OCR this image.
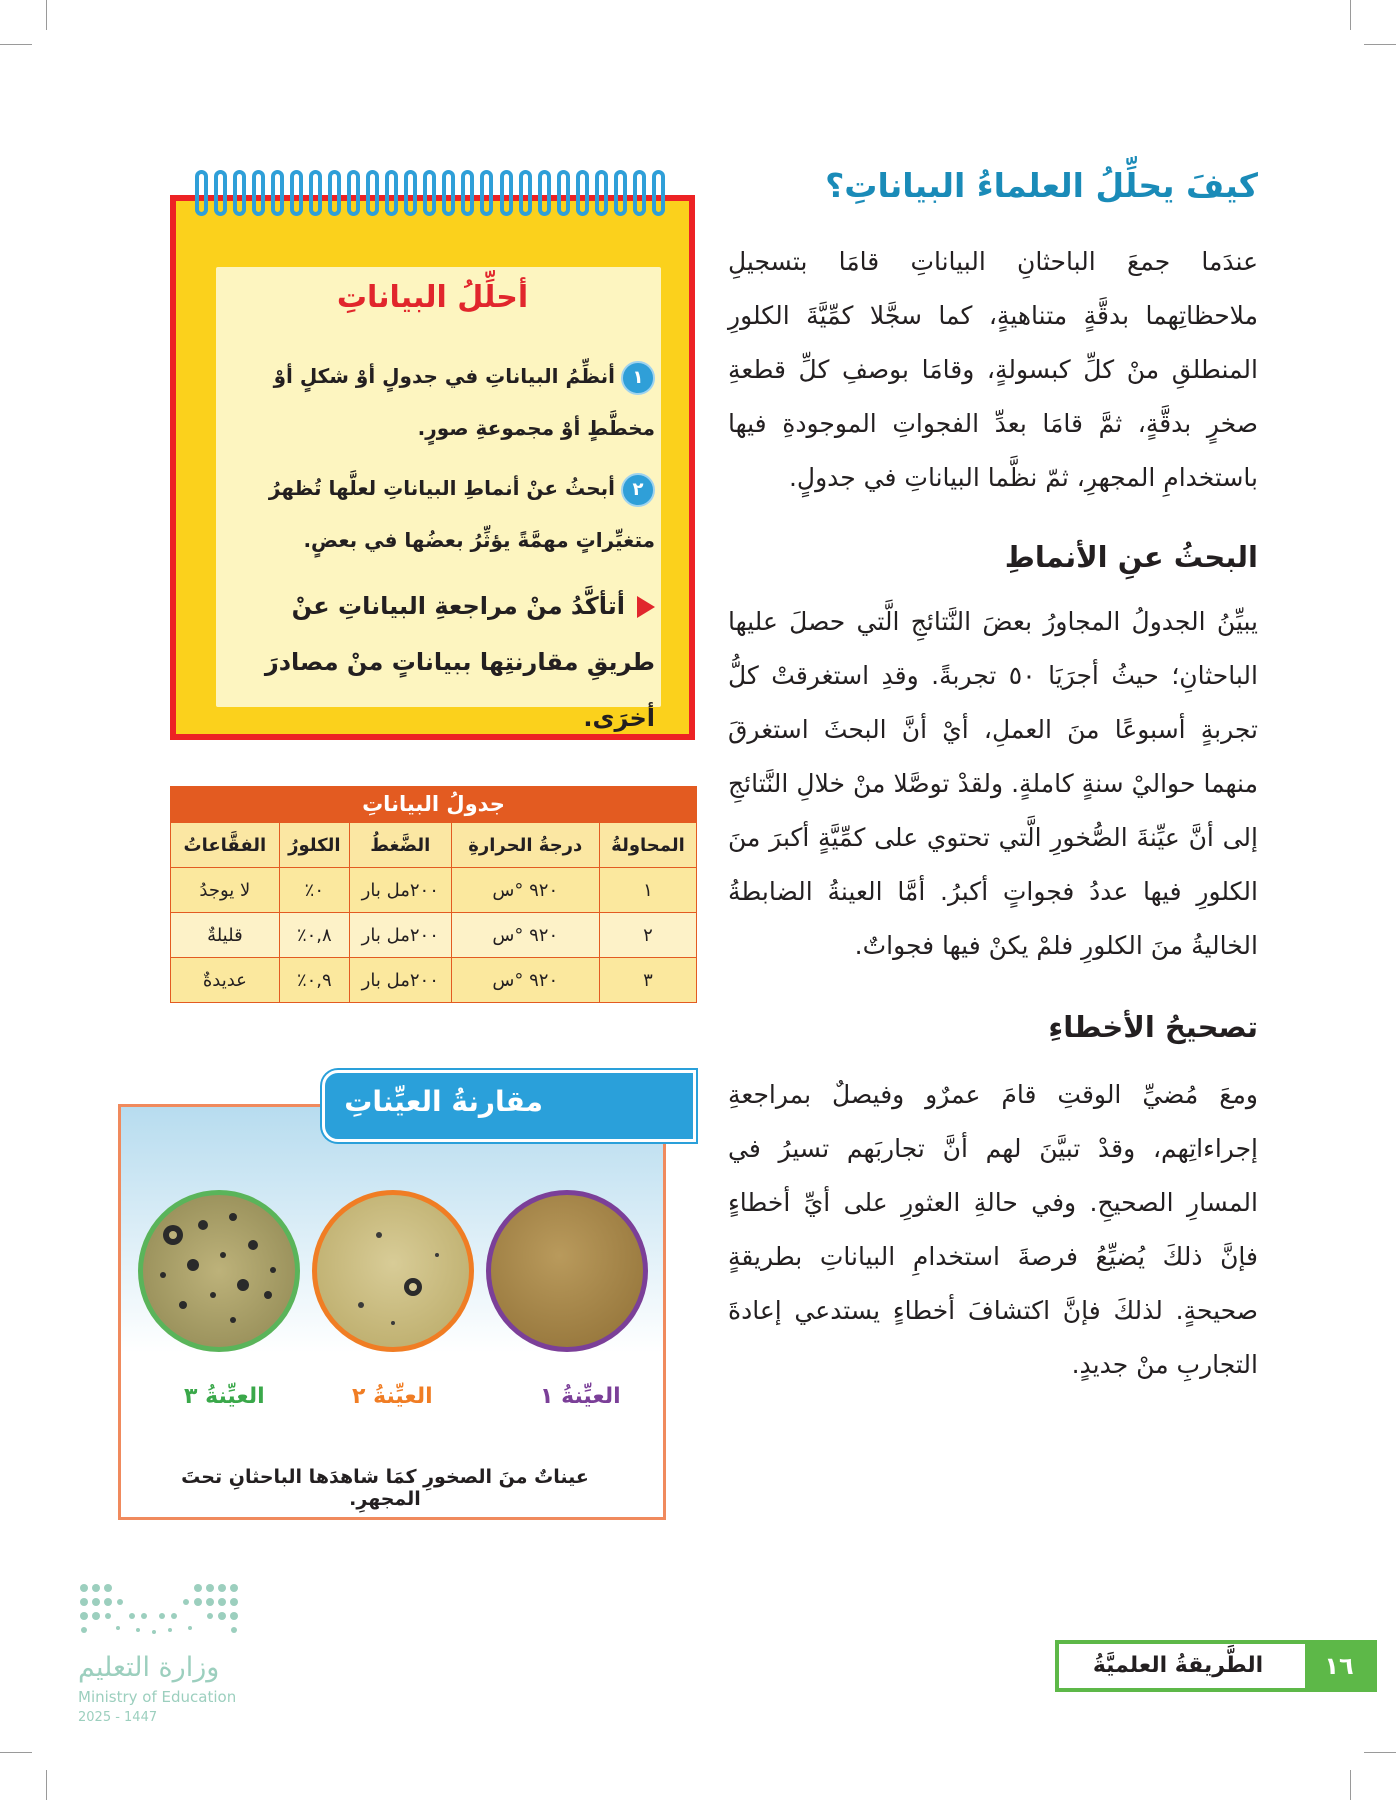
كيفَ يحلِّلُ العلماءُ البياناتِ؟
عندَما جمعَ الباحثانِ البياناتِ قامَا بتسجيلِ ملاحظاتِهما بدقَّةٍ متناهيةٍ، كما سجَّلا كمِّيَّةَ الكلورِ المنطلقِ منْ كلِّ كبسولةٍ، وقامَا بوصفِ كلِّ قطعةِ صخرٍ بدقَّةٍ، ثمَّ قامَا بعدِّ الفجواتِ الموجودةِ فيها باستخدامِ المجهرِ، ثمّ نظَّما البياناتِ في جدولٍ.
البحثُ عنِ الأنماطِ
يبيِّنُ الجدولُ المجاورُ بعضَ النَّتائجِ الَّتي حصلَ عليها الباحثانِ؛ حيثُ أجرَيَا ٥٠ تجربةً. وقدِ استغرقتْ كلُّ تجربةٍ أسبوعًا منَ العملِ، أيْ أنَّ البحثَ استغرقَ منهما حواليْ سنةٍ كاملةٍ. ولقدْ توصَّلا منْ خلالِ النَّتائجِ إلى أنَّ عيِّنةَ الصُّخورِ الَّتي تحتوي على كمِّيَّةٍ أكبرَ منَ الكلورِ فيها عددُ فجواتٍ أكبرُ. أمَّا العينةُ الضابطةُ الخاليةُ منَ الكلورِ فلمْ يكنْ فيها فجواتٌ.
تصحيحُ الأخطاءِ
ومعَ مُضيِّ الوقتِ قامَ عمرٌو وفيصلٌ بمراجعةِ إجراءاتِهم، وقدْ تبيَّنَ لهم أنَّ تجاربَهم تسيرُ في المسارِ الصحيحِ. وفي حالةِ العثورِ على أيِّ أخطاءٍ فإنَّ ذلكَ يُضيِّعُ فرصةَ استخدامِ البياناتِ بطريقةٍ صحيحةٍ. لذلكَ فإنَّ اكتشافَ أخطاءٍ يستدعي إعادةَ التجاربِ منْ جديدٍ.
أحلِّلُ البياناتِ
١أنظِّمُ البياناتِ في جدولٍ أوْ شكلٍ أوْ مخطَّطٍ أوْ مجموعةِ صورٍ.
٢أبحثُ عنْ أنماطِ البياناتِ لعلَّها تُظهرُ متغيِّراتٍ مهمَّةً يؤثِّرُ بعضُها في بعضٍ.
أتأكَّدُ منْ مراجعةِ البياناتِ عنْ طريقِ مقارنتِها ببياناتٍ منْ مصادرَ أخرَى.
جدولُ البياناتِ
المحاولةُ	درجةُ الحرارةِ	الضَّغطُ	الكلورُ	الفقَّاعاتُ
١	٩٢٠ °س	٢٠٠مل بار	٠٪	لا يوجدُ
٢	٩٢٠ °س	٢٠٠مل بار	٠,٨٪	قليلةٌ
٣	٩٢٠ °س	٢٠٠مل بار	٠,٩٪	عديدةٌ
مقارنةُ العيِّناتِ
العيِّنةُ ١
العيِّنةُ ٢
العيِّنةُ ٣
عيناتٌ منَ الصخورِ كمَا شاهدَها الباحثانِ تحتَ المجهرِ.
١٦
الطَّريقةُ العلميَّةُ
وزارة التعليم
Ministry of Education
2025 - 1447
